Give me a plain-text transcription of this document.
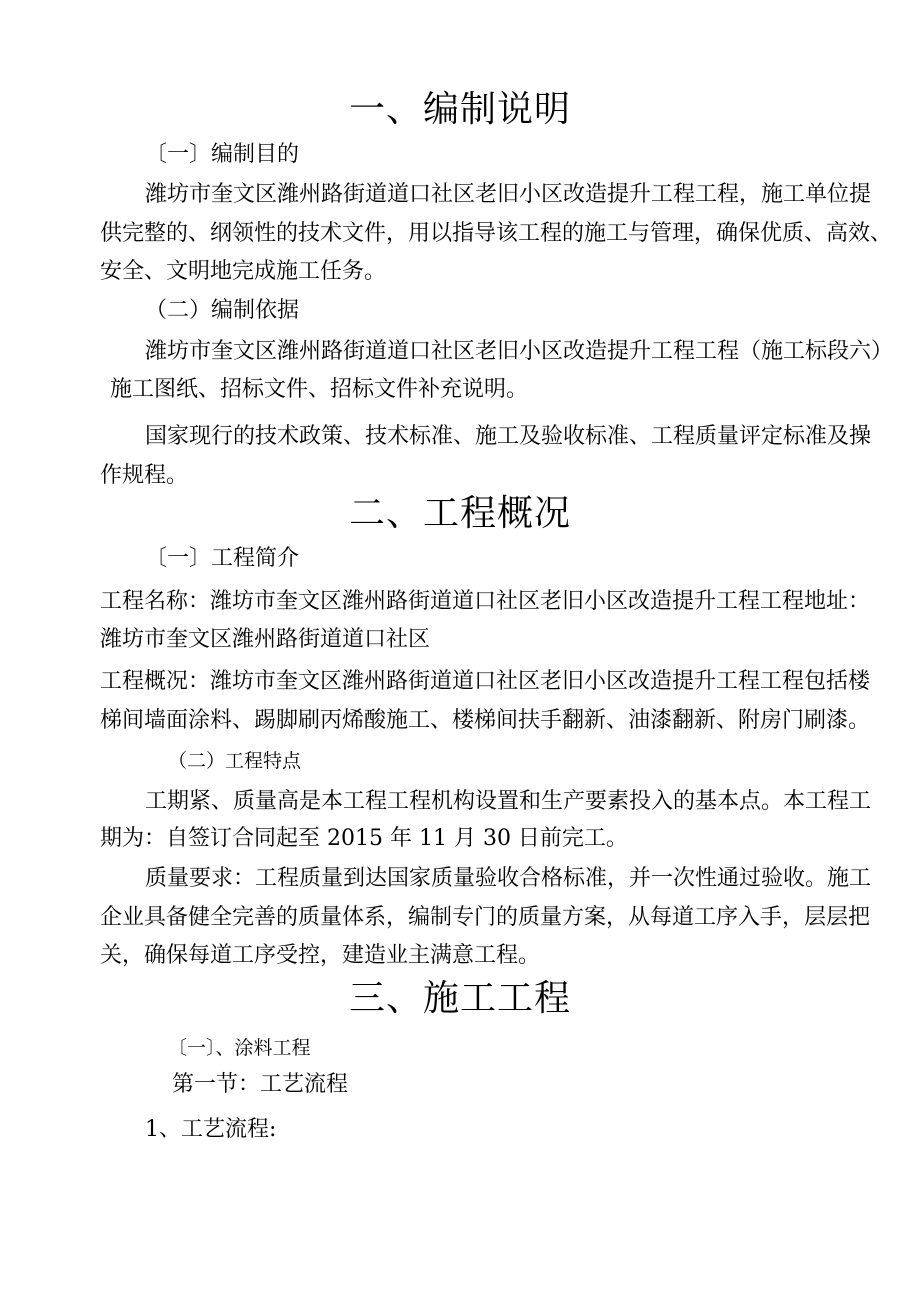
一、编制说明
〔一〕编制目的
潍坊市奎文区潍州路街道道口社区老旧小区改造提升工程工程，施工单位提
供完整的、纲领性的技术文件，用以指导该工程的施工与管理，确保优质、高效、
安全、文明地完成施工任务。
（二）编制依据
潍坊市奎文区潍州路街道道口社区老旧小区改造提升工程工程（施工标段六）
施工图纸、招标文件、招标文件补充说明。
国家现行的技术政策、技术标准、施工及验收标准、工程质量评定标准及操
作规程。
二、工程概况
〔一〕工程简介
工程名称：潍坊市奎文区潍州路街道道口社区老旧小区改造提升工程工程地址：
潍坊市奎文区潍州路街道道口社区
工程概况：潍坊市奎文区潍州路街道道口社区老旧小区改造提升工程工程包括楼
梯间墙面涂料、踢脚刷丙烯酸施工、楼梯间扶手翻新、油漆翻新、附房门刷漆。
（二）工程特点
工期紧、质量高是本工程工程机构设置和生产要素投入的基本点。本工程工
期为：自签订合同起至 2015 年 11 月 30 日前完工。
质量要求：工程质量到达国家质量验收合格标准，并一次性通过验收。施工
企业具备健全完善的质量体系，编制专门的质量方案，从每道工序入手，层层把
关，确保每道工序受控，建造业主满意工程。
三、施工工程
〔一〕、涂料工程
第一节：工艺流程
1、工艺流程:
